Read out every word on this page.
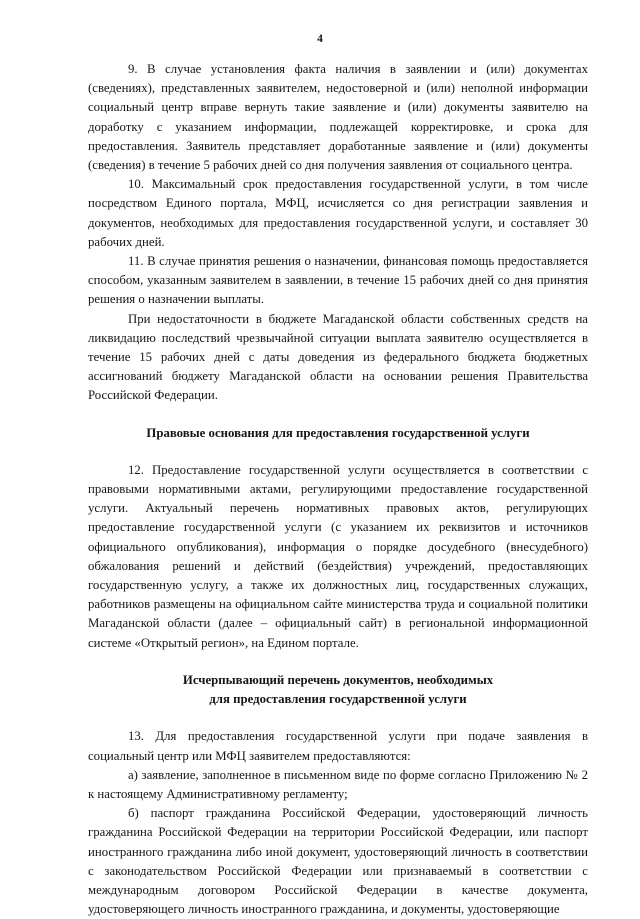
4

9. В случае установления факта наличия в заявлении и (или) документах (сведениях), представленных заявителем, недостоверной и (или) неполной информации социальный центр вправе вернуть такие заявление и (или) документы заявителю на доработку с указанием информации, подлежащей корректировке, и срока для предоставления. Заявитель представляет доработанные заявление и (или) документы (сведения) в течение 5 рабочих дней со дня получения заявления от социального центра.

10. Максимальный срок предоставления государственной услуги, в том числе посредством Единого портала, МФЦ, исчисляется со дня регистрации заявления и документов, необходимых для предоставления государственной услуги, и составляет 30 рабочих дней.

11. В случае принятия решения о назначении, финансовая помощь предоставляется способом, указанным заявителем в заявлении, в течение 15 рабочих дней со дня принятия решения о назначении выплаты.

При недостаточности в бюджете Магаданской области собственных средств на ликвидацию последствий чрезвычайной ситуации выплата заявителю осуществляется в течение 15 рабочих дней с даты доведения из федерального бюджета бюджетных ассигнований бюджету Магаданской области на основании решения Правительства Российской Федерации.

Правовые основания для предоставления государственной услуги

12. Предоставление государственной услуги осуществляется в соответствии с правовыми нормативными актами, регулирующими предоставление государственной услуги. Актуальный перечень нормативных правовых актов, регулирующих предоставление государственной услуги (с указанием их реквизитов и источников официального опубликования), информация о порядке досудебного (внесудебного) обжалования решений и действий (бездействия) учреждений, предоставляющих государственную услугу, а также их должностных лиц, государственных служащих, работников размещены на официальном сайте министерства труда и социальной политики Магаданской области (далее – официальный сайт) в региональной информационной системе «Открытый регион», на Едином портале.

Исчерпывающий перечень документов, необходимых
для предоставления государственной услуги

13. Для предоставления государственной услуги при подаче заявления в социальный центр или МФЦ заявителем предоставляются:

а) заявление, заполненное в письменном виде по форме согласно Приложению № 2 к настоящему Административному регламенту;

б) паспорт гражданина Российской Федерации, удостоверяющий личность гражданина Российской Федерации на территории Российской Федерации, или паспорт иностранного гражданина либо иной документ, удостоверяющий личность в соответствии с законодательством Российской Федерации или признаваемый в соответствии с международным договором Российской Федерации в качестве документа, удостоверяющего личность иностранного гражданина, и документы, удостоверяющие
